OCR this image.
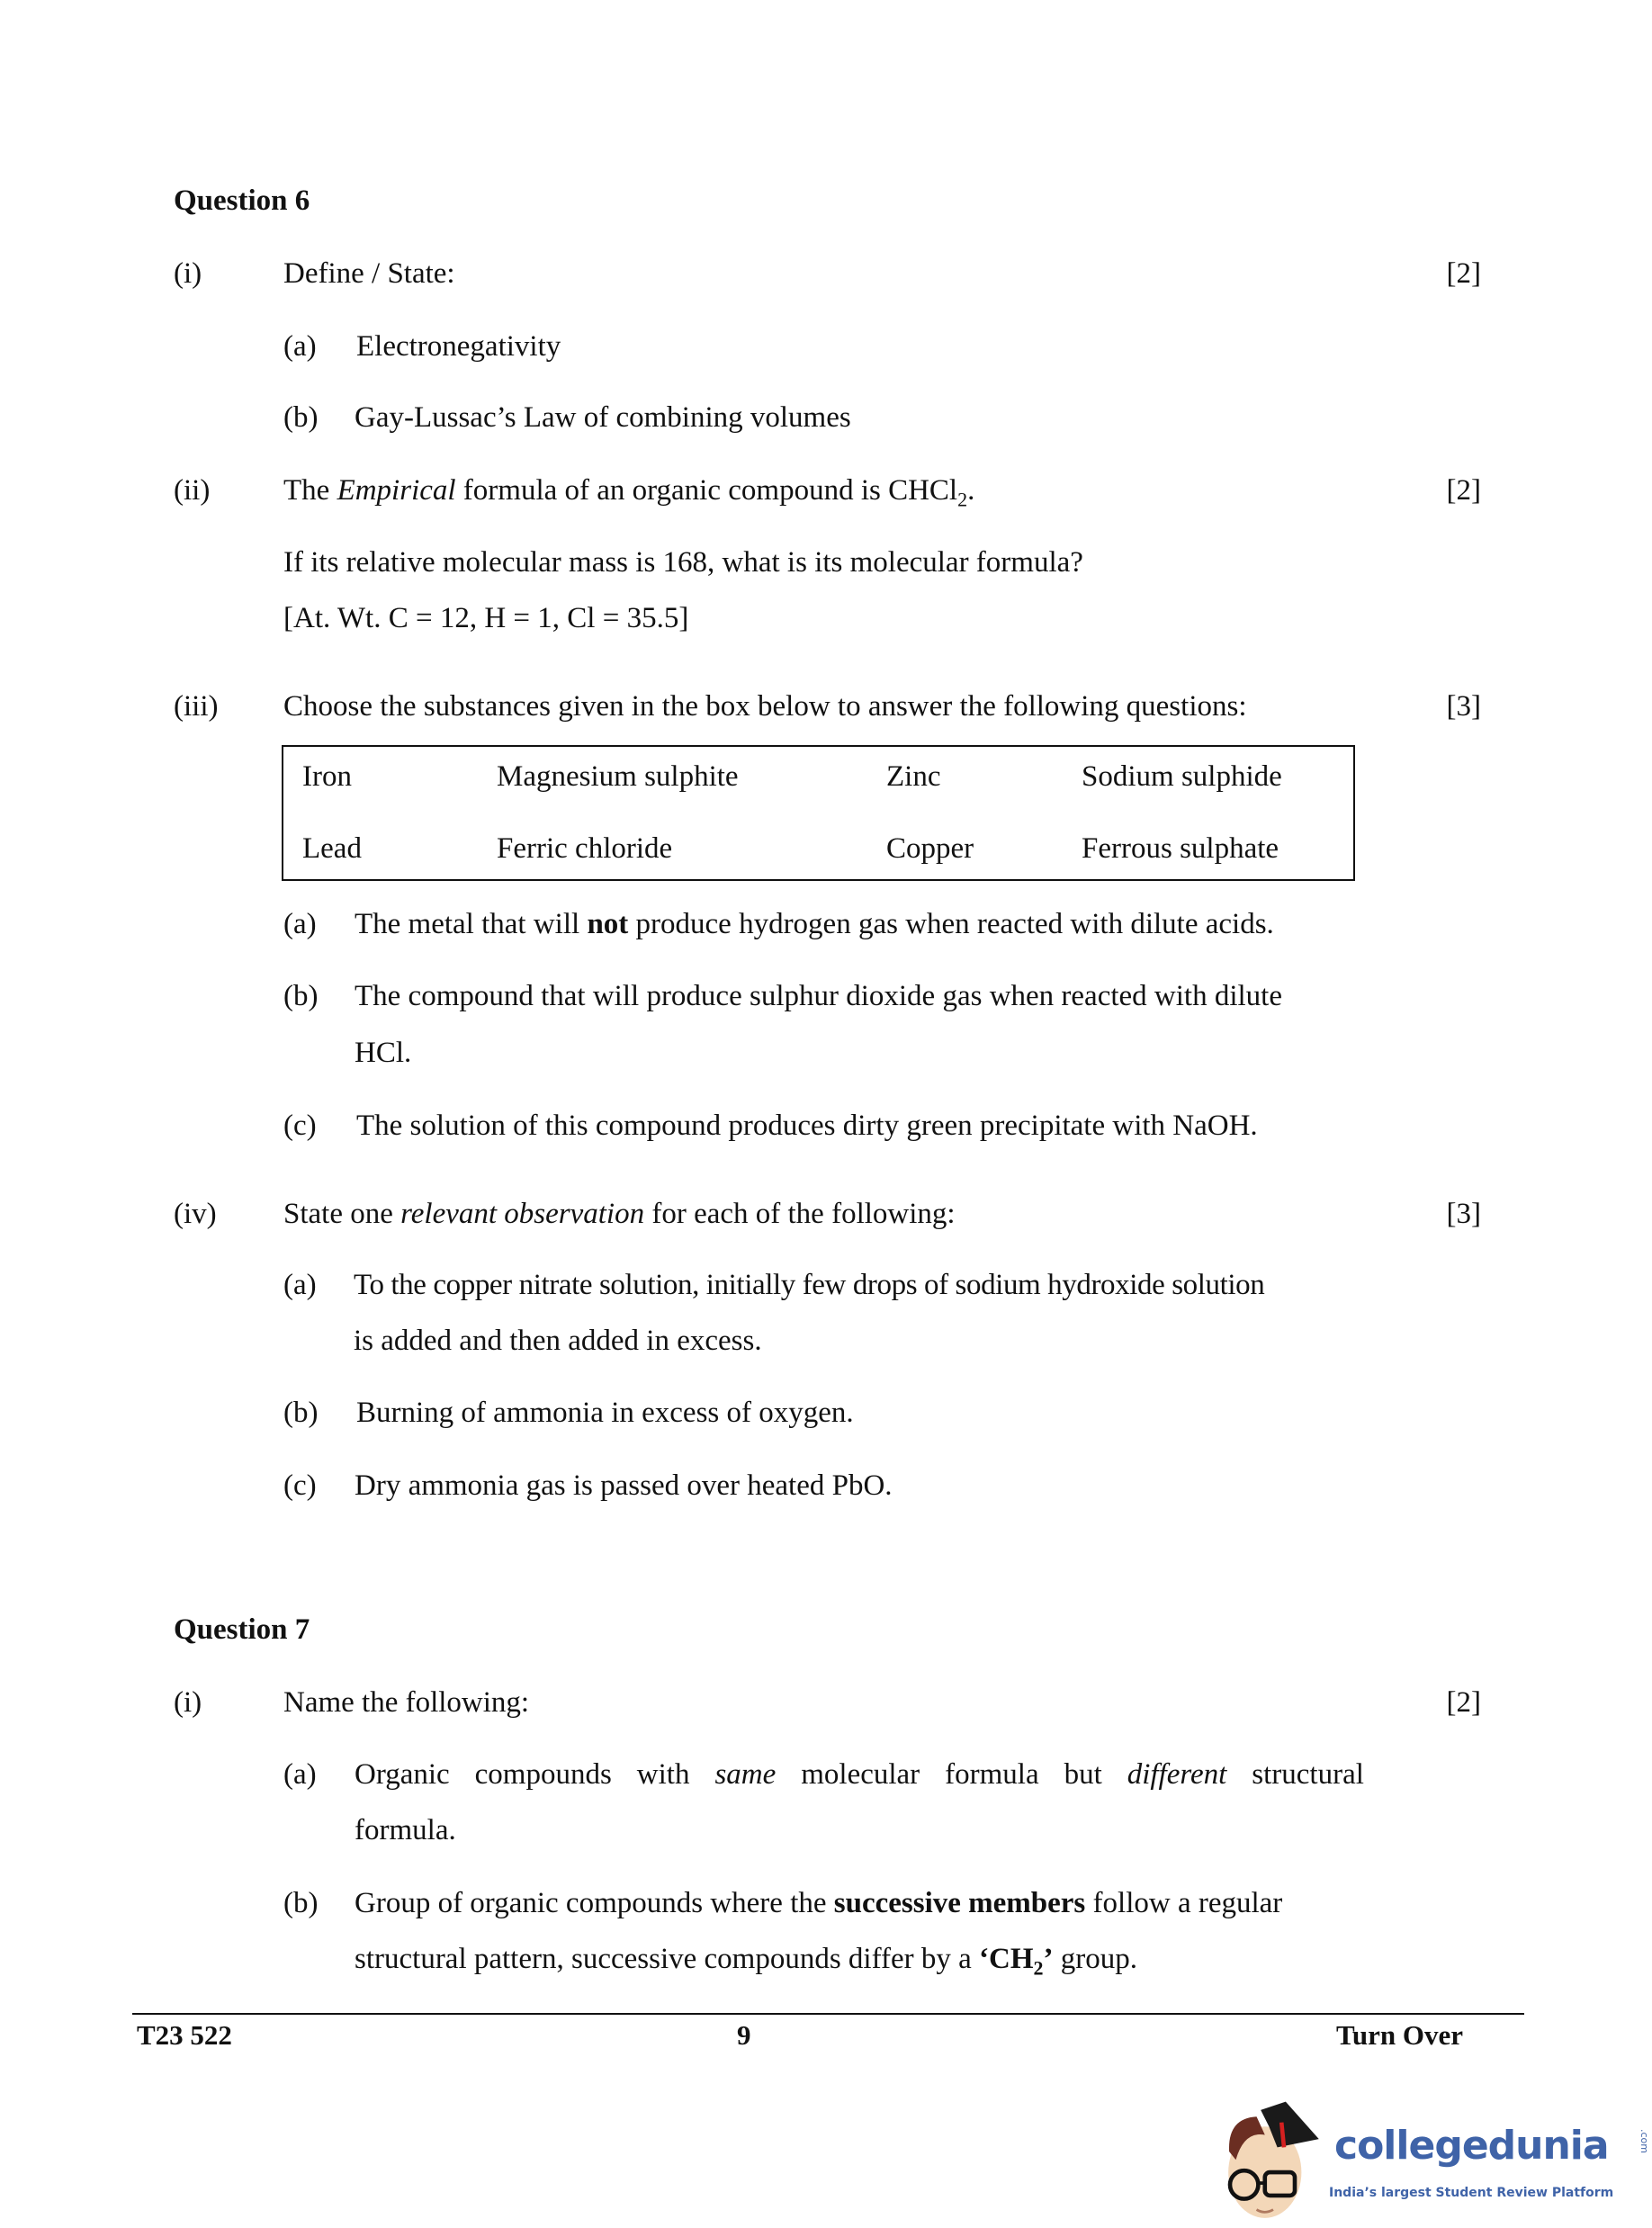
Question 6
(i)	Define / State:	[2]
(a) Electronegativity
(b) Gay-Lussac’s Law of combining volumes
(ii) The Empirical formula of an organic compound is CHCl$_2$.	[2]
If its relative molecular mass is 168, what is its molecular formula?
[At. Wt. C = 12, H = 1, Cl = 35.5]
(iii) Choose the substances given in the box below to answer the following questions:	[3]
Iron	Magnesium sulphite	Zinc	Sodium sulphide
Lead	Ferric chloride	Copper	Ferrous sulphate
(a) The metal that will not produce hydrogen gas when reacted with dilute acids.
(b) The compound that will produce sulphur dioxide gas when reacted with dilute
HCl.
(c) The solution of this compound produces dirty green precipitate with NaOH.
(iv) State one relevant observation for each of the following:	[3]
(a) To the copper nitrate solution, initially few drops of sodium hydroxide solution
is added and then added in excess.
(b) Burning of ammonia in excess of oxygen.
(c) Dry ammonia gas is passed over heated PbO.
Question 7
(i)	Name the following:	[2]
(a) Organic compounds with same molecular formula but different structural
formula.
(b) Group of organic compounds where the successive members follow a regular
structural pattern, successive compounds differ by a ‘$CH_2$’ group.
T23 522	9	Turn Over
collegedunia	.com
India’s largest Student Review Platform
